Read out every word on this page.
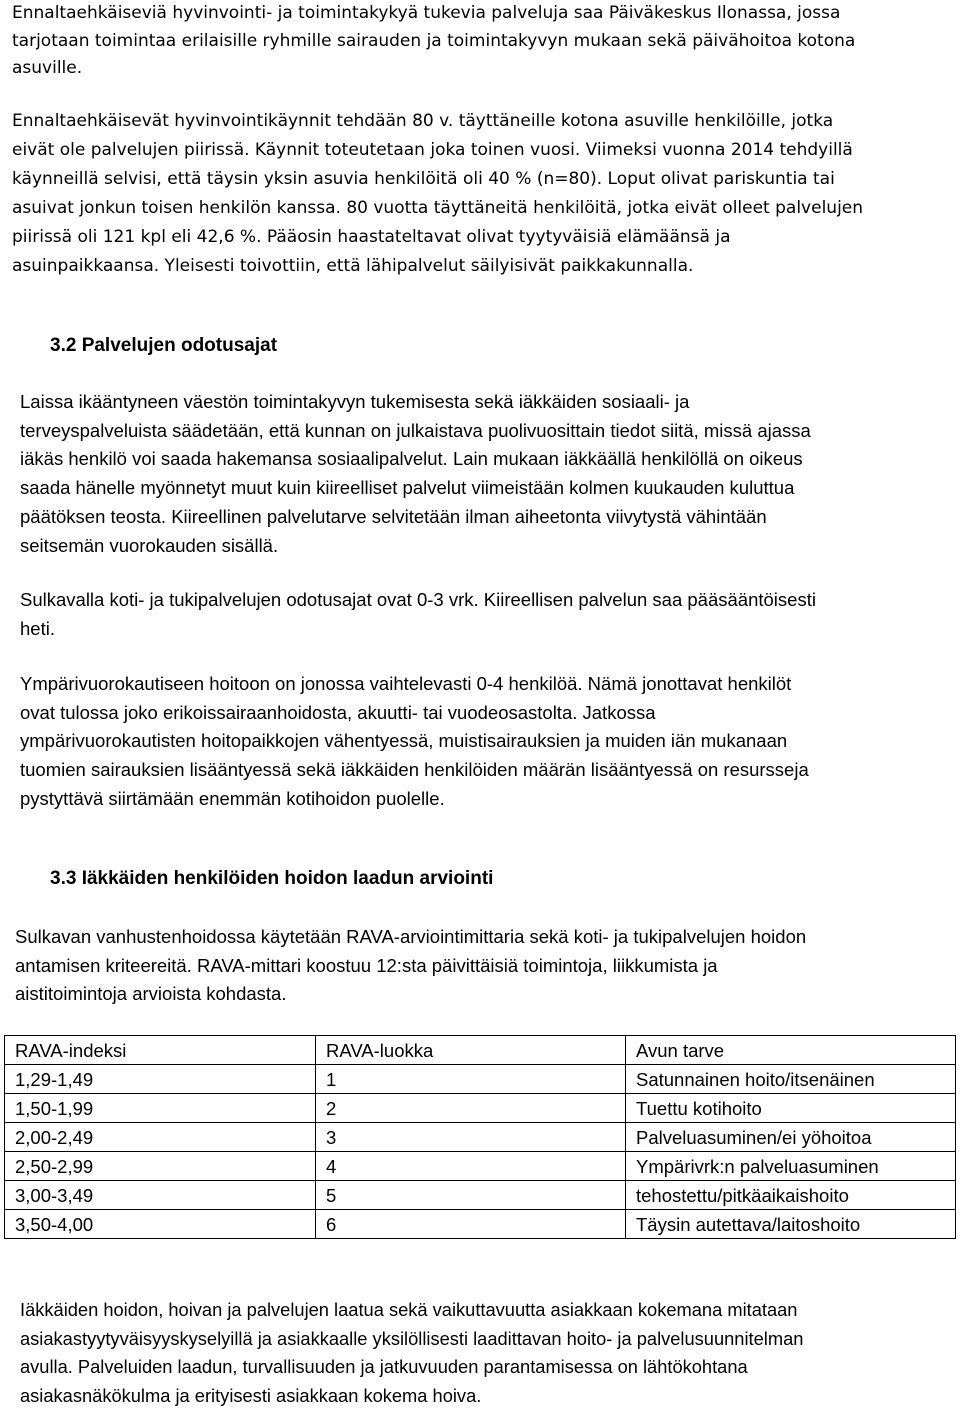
Ennaltaehkäiseviä hyvinvointi- ja toimintakykyä tukevia palveluja saa Päiväkeskus Ilonassa, jossa

tarjotaan toimintaa erilaisille ryhmille sairauden ja toimintakyvyn mukaan sekä päivähoitoa kotona

asuville.

Ennaltaehkäisevät hyvinvointikäynnit tehdään 80 v. täyttäneille kotona asuville henkilöille, jotka

eivät ole palvelujen piirissä. Käynnit toteutetaan joka toinen vuosi. Viimeksi vuonna 2014 tehdyillä

käynneillä selvisi, että täysin yksin asuvia henkilöitä oli 40 % (n=80). Loput olivat pariskuntia tai

asuivat jonkun toisen henkilön kanssa. 80 vuotta täyttäneitä henkilöitä, jotka eivät olleet palvelujen

piirissä oli 121 kpl eli 42,6 %. Pääosin haastateltavat olivat tyytyväisiä elämäänsä ja

asuinpaikkaansa. Yleisesti toivottiin, että lähipalvelut säilyisivät paikkakunnalla.

3.2 Palvelujen odotusajat

Laissa ikääntyneen väestön toimintakyvyn tukemisesta sekä iäkkäiden sosiaali- ja

terveyspalveluista säädetään, että kunnan on julkaistava puolivuosittain tiedot siitä, missä ajassa

iäkäs henkilö voi saada hakemansa sosiaalipalvelut. Lain mukaan iäkkäällä henkilöllä on oikeus

saada hänelle myönnetyt muut kuin kiireelliset palvelut viimeistään kolmen kuukauden kuluttua

päätöksen teosta. Kiireellinen palvelutarve selvitetään ilman aiheetonta viivytystä vähintään

seitsemän vuorokauden sisällä.

Sulkavalla koti- ja tukipalvelujen odotusajat ovat 0-3 vrk. Kiireellisen palvelun saa pääsääntöisesti

heti.

Ympärivuorokautiseen hoitoon on jonossa vaihtelevasti 0-4 henkilöä. Nämä jonottavat henkilöt

ovat tulossa joko erikoissairaanhoidosta, akuutti- tai vuodeosastolta. Jatkossa

ympärivuorokautisten hoitopaikkojen vähentyessä, muistisairauksien ja muiden iän mukanaan

tuomien sairauksien lisääntyessä sekä iäkkäiden henkilöiden määrän lisääntyessä on resursseja

pystyttävä siirtämään enemmän kotihoidon puolelle.

3.3 Iäkkäiden henkilöiden hoidon laadun arviointi

Sulkavan vanhustenhoidossa käytetään RAVA-arviointimittaria sekä koti- ja tukipalvelujen hoidon

antamisen kriteereitä. RAVA-mittari koostuu 12:sta päivittäisiä toimintoja, liikkumista ja

aistitoimintoja arvioista kohdasta.

RAVA-indeksi	RAVA-luokka	Avun tarve
1,29-1,49	1	Satunnainen hoito/itsenäinen
1,50-1,99	2	Tuettu kotihoito
2,00-2,49	3	Palveluasuminen/ei yöhoitoa
2,50-2,99	4	Ympärivrk:n palveluasuminen
3,00-3,49	5	tehostettu/pitkäaikaishoito
3,50-4,00	6	Täysin autettava/laitoshoito

Iäkkäiden hoidon, hoivan ja palvelujen laatua sekä vaikuttavuutta asiakkaan kokemana mitataan

asiakastyytyväisyyskyselyillä ja asiakkaalle yksilöllisesti laadittavan hoito- ja palvelusuunnitelman

avulla. Palveluiden laadun, turvallisuuden ja jatkuvuuden parantamisessa on lähtökohtana

asiakasnäkökulma ja erityisesti asiakkaan kokema hoiva.
